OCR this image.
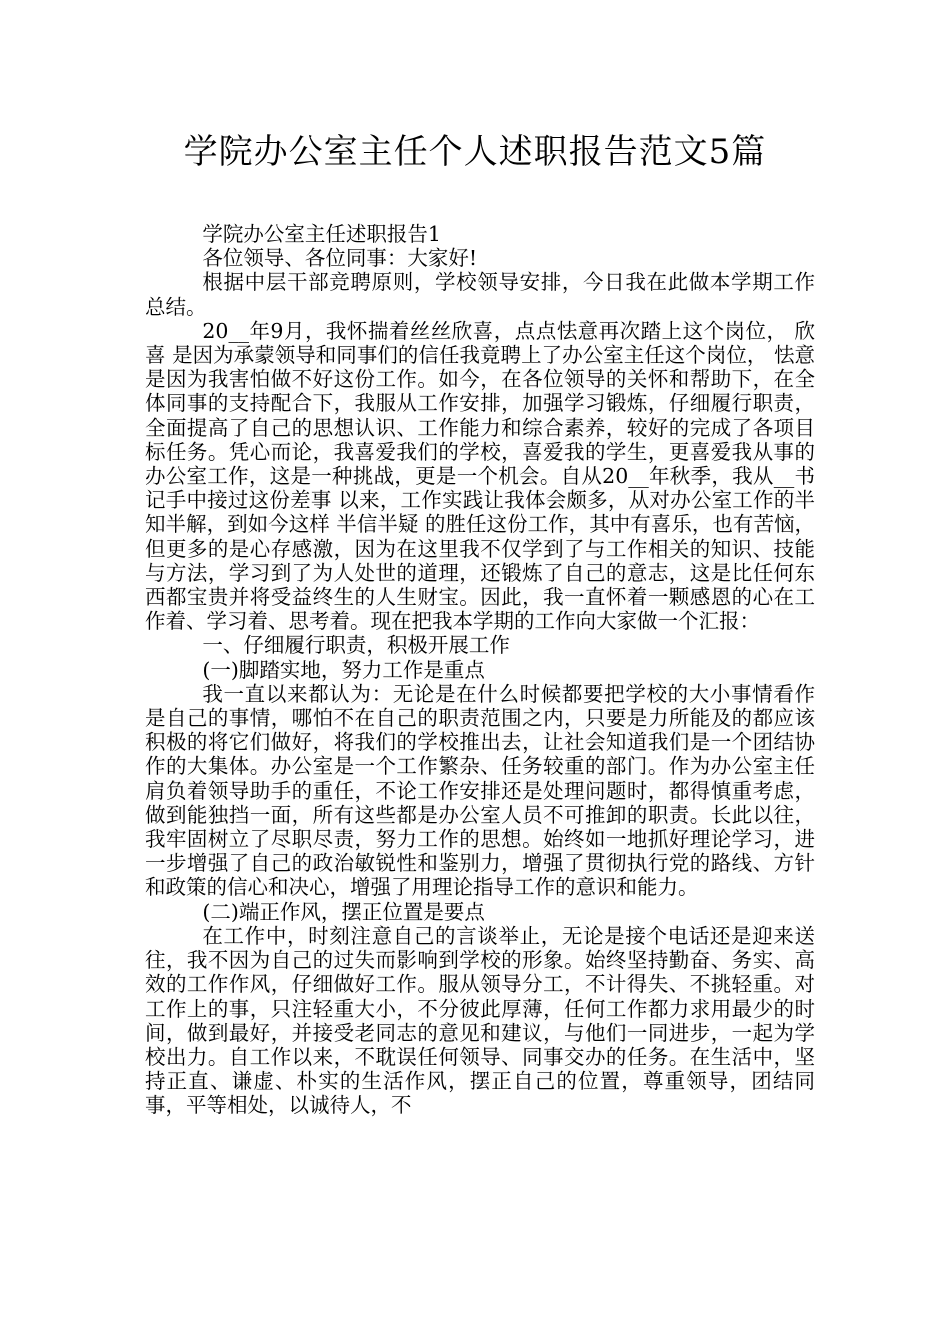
学院办公室主任个人述职报告范文5篇

学院办公室主任述职报告1

各位领导、各位同事：大家好!

根据中层干部竞聘原则，学校领导安排，今日我在此做本学期工作总结。

20__年9月，我怀揣着丝丝欣喜，点点怯意再次踏上这个岗位， 欣喜 是因为承蒙领导和同事们的信任我竟聘上了办公室主任这个岗位， 怯意 是因为我害怕做不好这份工作。如今，在各位领导的关怀和帮助下，在全体同事的支持配合下，我服从工作安排，加强学习锻炼，仔细履行职责，全面提高了自己的思想认识、工作能力和综合素养，较好的完成了各项目标任务。凭心而论，我喜爱我们的学校，喜爱我的学生，更喜爱我从事的办公室工作，这是一种挑战，更是一个机会。自从20__年秋季，我从__书记手中接过这份差事 以来，工作实践让我体会颇多，从对办公室工作的半知半解，到如今这样 半信半疑 的胜任这份工作，其中有喜乐，也有苦恼，但更多的是心存感激，因为在这里我不仅学到了与工作相关的知识、技能与方法，学习到了为人处世的道理，还锻炼了自己的意志，这是比任何东西都宝贵并将受益终生的人生财宝。因此，我一直怀着一颗感恩的心在工作着、学习着、思考着。现在把我本学期的工作向大家做一个汇报：

一、仔细履行职责，积极开展工作

(一)脚踏实地，努力工作是重点

我一直以来都认为：无论是在什么时候都要把学校的大小事情看作是自己的事情，哪怕不在自己的职责范围之内，只要是力所能及的都应该积极的将它们做好，将我们的学校推出去，让社会知道我们是一个团结协作的大集体。办公室是一个工作繁杂、任务较重的部门。作为办公室主任肩负着领导助手的重任，不论工作安排还是处理问题时，都得慎重考虑，做到能独挡一面，所有这些都是办公室人员不可推卸的职责。长此以往，我牢固树立了尽职尽责，努力工作的思想。始终如一地抓好理论学习，进一步增强了自己的政治敏锐性和鉴别力，增强了贯彻执行党的路线、方针和政策的信心和决心，增强了用理论指导工作的意识和能力。

(二)端正作风，摆正位置是要点

在工作中，时刻注意自己的言谈举止，无论是接个电话还是迎来送往，我不因为自己的过失而影响到学校的形象。始终坚持勤奋、务实、高效的工作作风，仔细做好工作。服从领导分工，不计得失、不挑轻重。对工作上的事，只注轻重大小，不分彼此厚薄，任何工作都力求用最少的时间，做到最好，并接受老同志的意见和建议，与他们一同进步，一起为学校出力。自工作以来，不耽误任何领导、同事交办的任务。在生活中，坚持正直、谦虚、朴实的生活作风，摆正自己的位置，尊重领导，团结同事，平等相处，以诚待人，不
